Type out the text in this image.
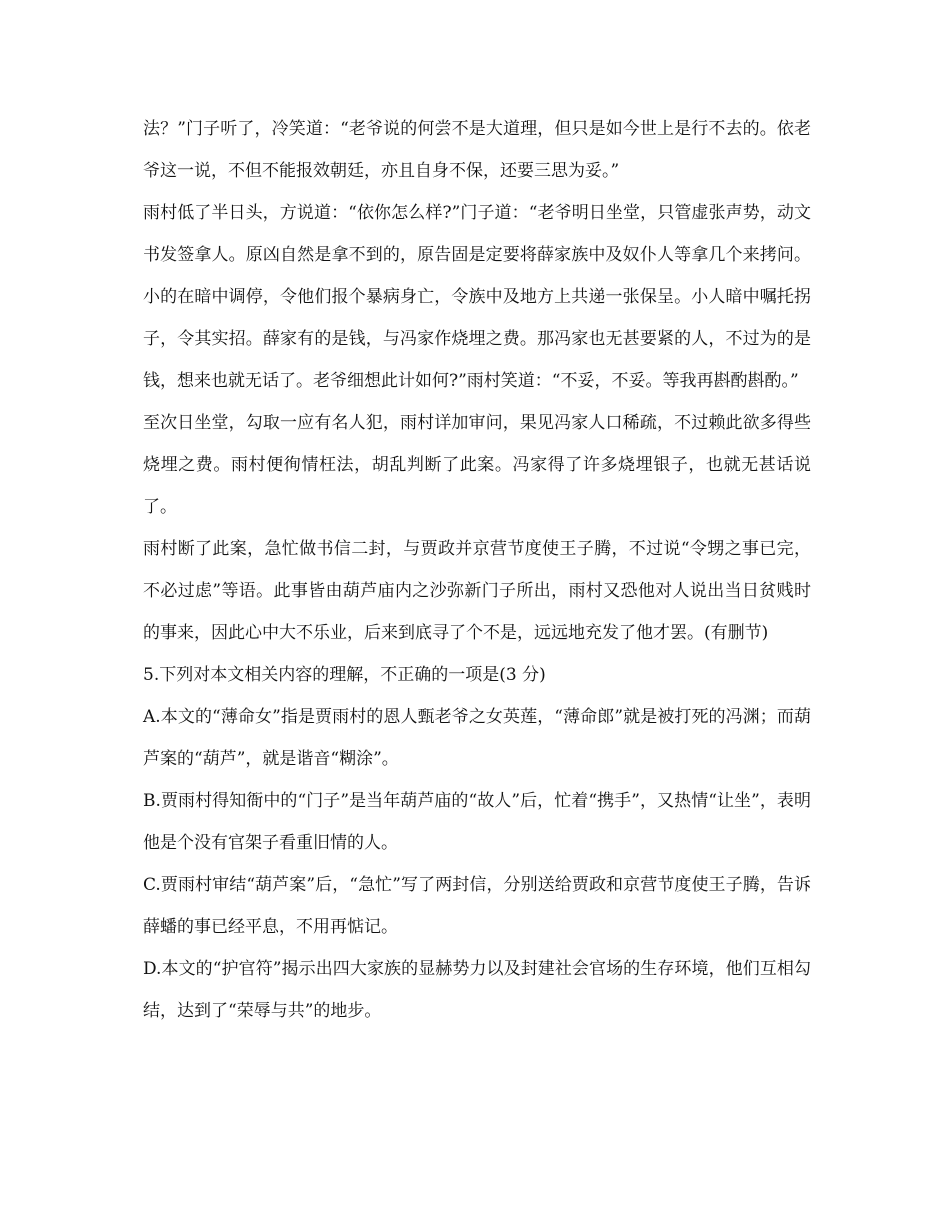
法？”门子听了，冷笑道：“老爷说的何尝不是大道理，但只是如今世上是行不去的。依老爷这一说，不但不能报效朝廷，亦且自身不保，还要三思为妥。”

雨村低了半日头，方说道：“依你怎么样?”门子道：“老爷明日坐堂，只管虚张声势，动文书发签拿人。原凶自然是拿不到的，原告固是定要将薛家族中及奴仆人等拿几个来拷问。小的在暗中调停，令他们报个暴病身亡，令族中及地方上共递一张保呈。小人暗中嘱托拐子，令其实招。薛家有的是钱，与冯家作烧埋之费。那冯家也无甚要紧的人，不过为的是钱，想来也就无话了。老爷细想此计如何?”雨村笑道：“不妥，不妥。等我再斟酌斟酌。”

至次日坐堂，勾取一应有名人犯，雨村详加审问，果见冯家人口稀疏，不过赖此欲多得些烧埋之费。雨村便徇情枉法，胡乱判断了此案。冯家得了许多烧埋银子，也就无甚话说了。

雨村断了此案，急忙做书信二封，与贾政并京营节度使王子腾，不过说“令甥之事已完，不必过虑”等语。此事皆由葫芦庙内之沙弥新门子所出，雨村又恐他对人说出当日贫贱时的事来，因此心中大不乐业，后来到底寻了个不是，远远地充发了他才罢。(有删节)

5.下列对本文相关内容的理解，不正确的一项是(3 分)

A.本文的“薄命女”指是贾雨村的恩人甄老爷之女英莲，“薄命郎”就是被打死的冯渊；而葫芦案的“葫芦”，就是谐音“糊涂”。

B.贾雨村得知衙中的“门子”是当年葫芦庙的“故人”后，忙着“携手”，又热情“让坐”，表明他是个没有官架子看重旧情的人。

C.贾雨村审结“葫芦案”后，“急忙”写了两封信，分别送给贾政和京营节度使王子腾，告诉薛蟠的事已经平息，不用再惦记。

D.本文的“护官符”揭示出四大家族的显赫势力以及封建社会官场的生存环境，他们互相勾结，达到了“荣辱与共”的地步。
